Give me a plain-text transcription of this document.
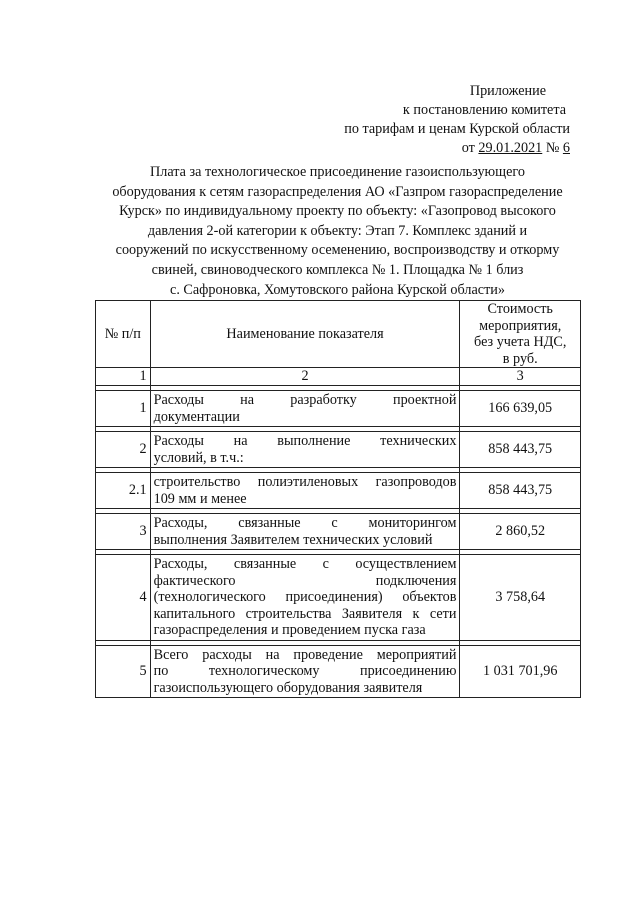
Приложение
к постановлению комитета
по тарифам и ценам Курской области
от 29.01.2021 № 6
Плата за технологическое присоединение газоиспользующего
оборудования к сетям газораспределения АО «Газпром газораспределение
Курск» по индивидуальному проекту по объекту: «Газопровод высокого
давления 2-ой категории к объекту: Этап 7. Комплекс зданий и
сооружений по искусственному осеменению, воспроизводству и откорму
свиней, свиноводческого комплекса № 1. Площадка № 1 близ
с. Сафроновка, Хомутовского района Курской области»
№ п/п	Наименование показателя	Стоимость
мероприятия,
без учета НДС,
в руб.

1	2	3

1	Расходы на разработку проектной
документации	166 639,05

2	Расходы на выполнение технических
условий, в т.ч.:	858 443,75

2.1	строительство полиэтиленовых газопроводов
109 мм и менее	858 443,75

3	Расходы, связанные с мониторингом
выполнения Заявителем технических условий	2 860,52

4	Расходы, связанные с осуществлением
фактического подключения
(технологического присоединения) объектов
капитального строительства Заявителя к сети
газораспределения и проведением пуска газа	3 758,64

5	Всего расходы на проведение мероприятий
по технологическому присоединению
газоиспользующего оборудования заявителя	1 031 701,96
